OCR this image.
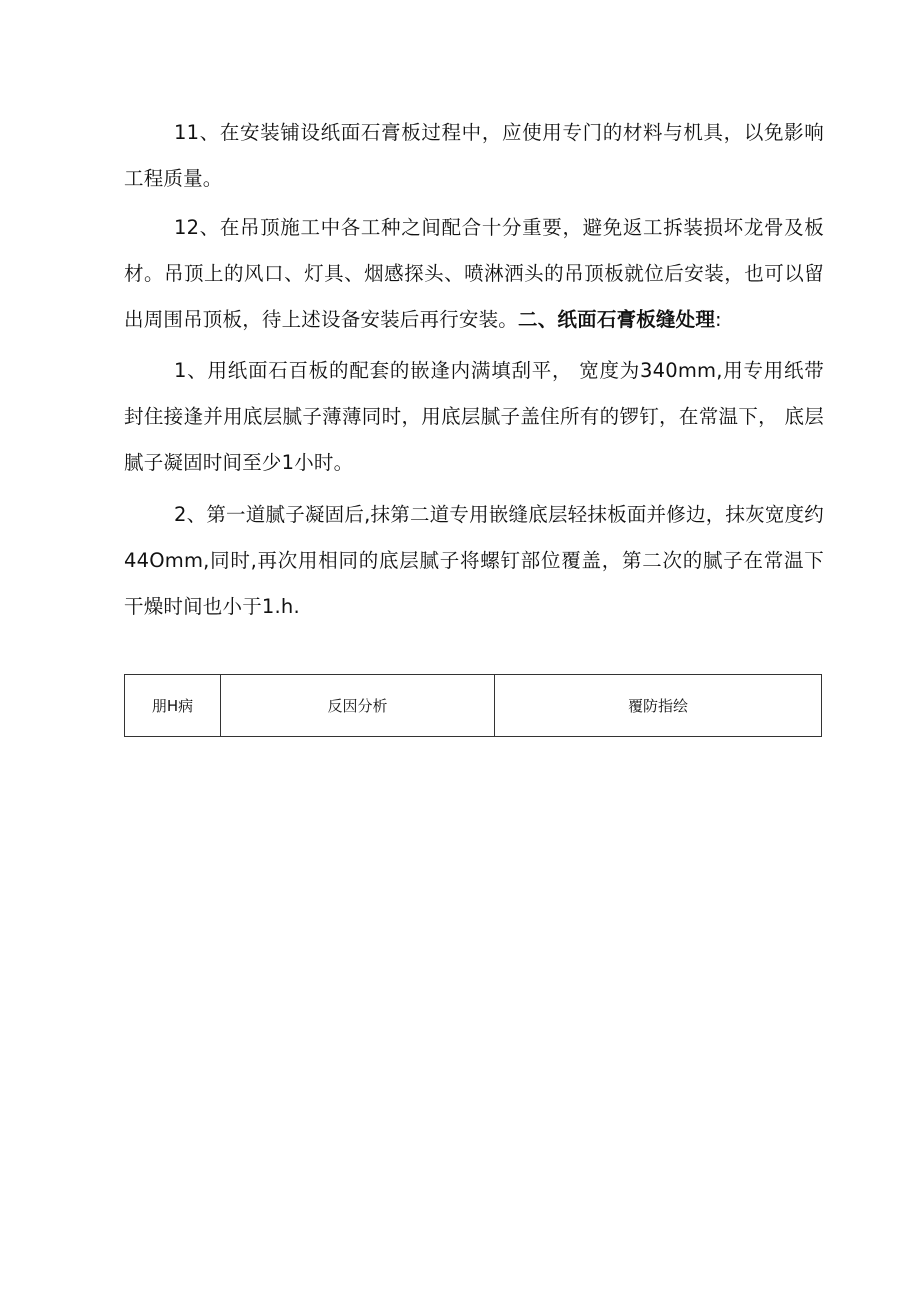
11、在安装铺设纸面石膏板过程中，应使用专门的材料与机具，以免影响工程质量。

12、在吊顶施工中各工种之间配合十分重要，避免返工拆装损坏龙骨及板材。吊顶上的风口、灯具、烟感探头、喷淋洒头的吊顶板就位后安装，也可以留出周围吊顶板，待上述设备安装后再行安装。二、纸面石膏板缝处理:

1、用纸面石百板的配套的嵌逢内满填刮平， 宽度为340mm,用专用纸带封住接逢并用底层腻子薄薄同时，用底层腻子盖住所有的锣钉，在常温下， 底层腻子凝固时间至少1小时。

2、第一道腻子凝固后,抹第二道专用嵌缝底层轻抹板面并修边，抹灰宽度约44Omm,同时,再次用相同的底层腻子将螺钉部位覆盖，第二次的腻子在常温下干燥时间也小于1.h.

朋H病	反因分析	覆防指绘
